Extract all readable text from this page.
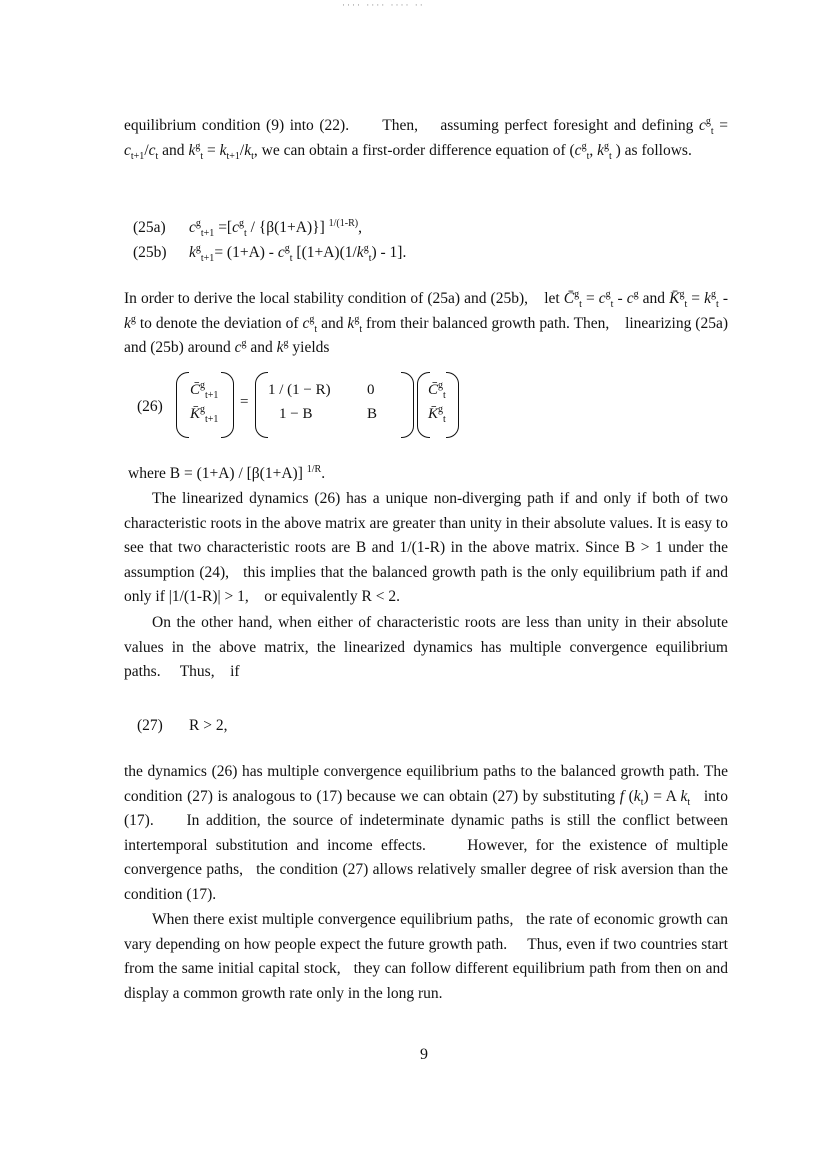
···· ···· ···· ··

equilibrium condition (9) into (22).      Then,    assuming perfect foresight and defining $c^g_t = c_{t+1}/c_t$ and $k^g_t = k_{t+1}/k_t$, we can obtain a first-order difference equation of ($c^g_t$, $k^g_t$ ) as follows.

(25a) $c^g_{t+1} =[c^g_t / \{\beta(1+A)\}]$ $^{1/(1-R)}$,
(25b) $k^g_{t+1}= (1+A) - c^g_t$ $[(1+A)(1/k^g_t) - 1]$.

In order to derive the local stability condition of (25a) and (25b),    let C̄$^g_t$ = $c^g_t - c^g$ and K̄$^g_t$ = $k^g_t - k^g$ to denote the deviation of $c^g_t$ and $k^g_t$ from their balanced growth path. Then,    linearizing (25a) and (25b) around $c^g$ and $k^g$ yields

(26)
C̄$^g_{t+1}$
K̄$^g_{t+1}$
=
1 / (1 − R) 0
1 − B	B
C̄$^g_t$
K̄$^g_t$
where B = (1+A) / [β(1+A)] $^{1/R}$.

The linearized dynamics (26) has a unique non-diverging path if and only if both of two characteristic roots in the above matrix are greater than unity in their absolute values. It is easy to see that two characteristic roots are B and 1/(1-R) in the above matrix. Since B > 1 under the assumption (24),   this implies that the balanced growth path is the only equilibrium path if and only if |1/(1-R)| > 1,    or equivalently R < 2.

On the other hand, when either of characteristic roots are less than unity in their absolute values in the above matrix, the linearized dynamics has multiple convergence equilibrium paths.     Thus,    if

(27) R > 2,

the dynamics (26) has multiple convergence equilibrium paths to the balanced growth path. The condition (27) is analogous to (17) because we can obtain (27) by substituting f $(k_t) = A$ $k_t$   into (17).     In addition, the source of indeterminate dynamic paths is still the conflict between intertemporal substitution and income effects.     However, for the existence of multiple convergence paths,   the condition (27) allows relatively smaller degree of risk aversion than the condition (17).

When there exist multiple convergence equilibrium paths,   the rate of economic growth can vary depending on how people expect the future growth path.     Thus, even if two countries start from the same initial capital stock,   they can follow different equilibrium path from then on and display a common growth rate only in the long run.

9
